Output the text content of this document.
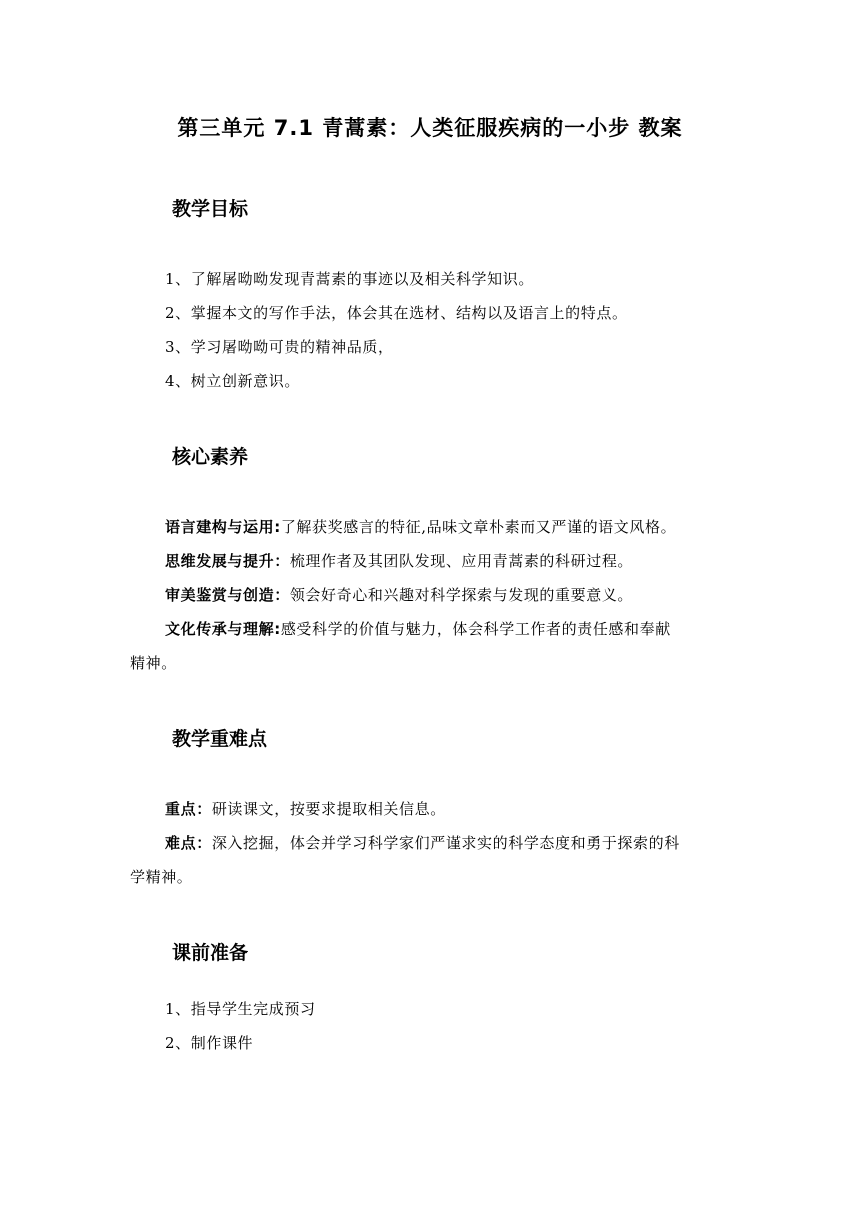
第三单元 7.1 青蒿素：人类征服疾病的一小步 教案
教学目标
1、了解屠呦呦发现青蒿素的事迹以及相关科学知识。
2、掌握本文的写作手法，体会其在选材、结构以及语言上的特点。
3、学习屠呦呦可贵的精神品质，
4、树立创新意识。
核心素养
语言建构与运用:了解获奖感言的特征,品味文章朴素而又严谨的语文风格。
思维发展与提升：梳理作者及其团队发现、应用青蒿素的科研过程。
审美鉴赏与创造：领会好奇心和兴趣对科学探索与发现的重要意义。
文化传承与理解:感受科学的价值与魅力，体会科学工作者的责任感和奉献
精神。
教学重难点
重点：研读课文，按要求提取相关信息。
难点：深入挖掘，体会并学习科学家们严谨求实的科学态度和勇于探索的科
学精神。
课前准备
1、指导学生完成预习
2、制作课件
